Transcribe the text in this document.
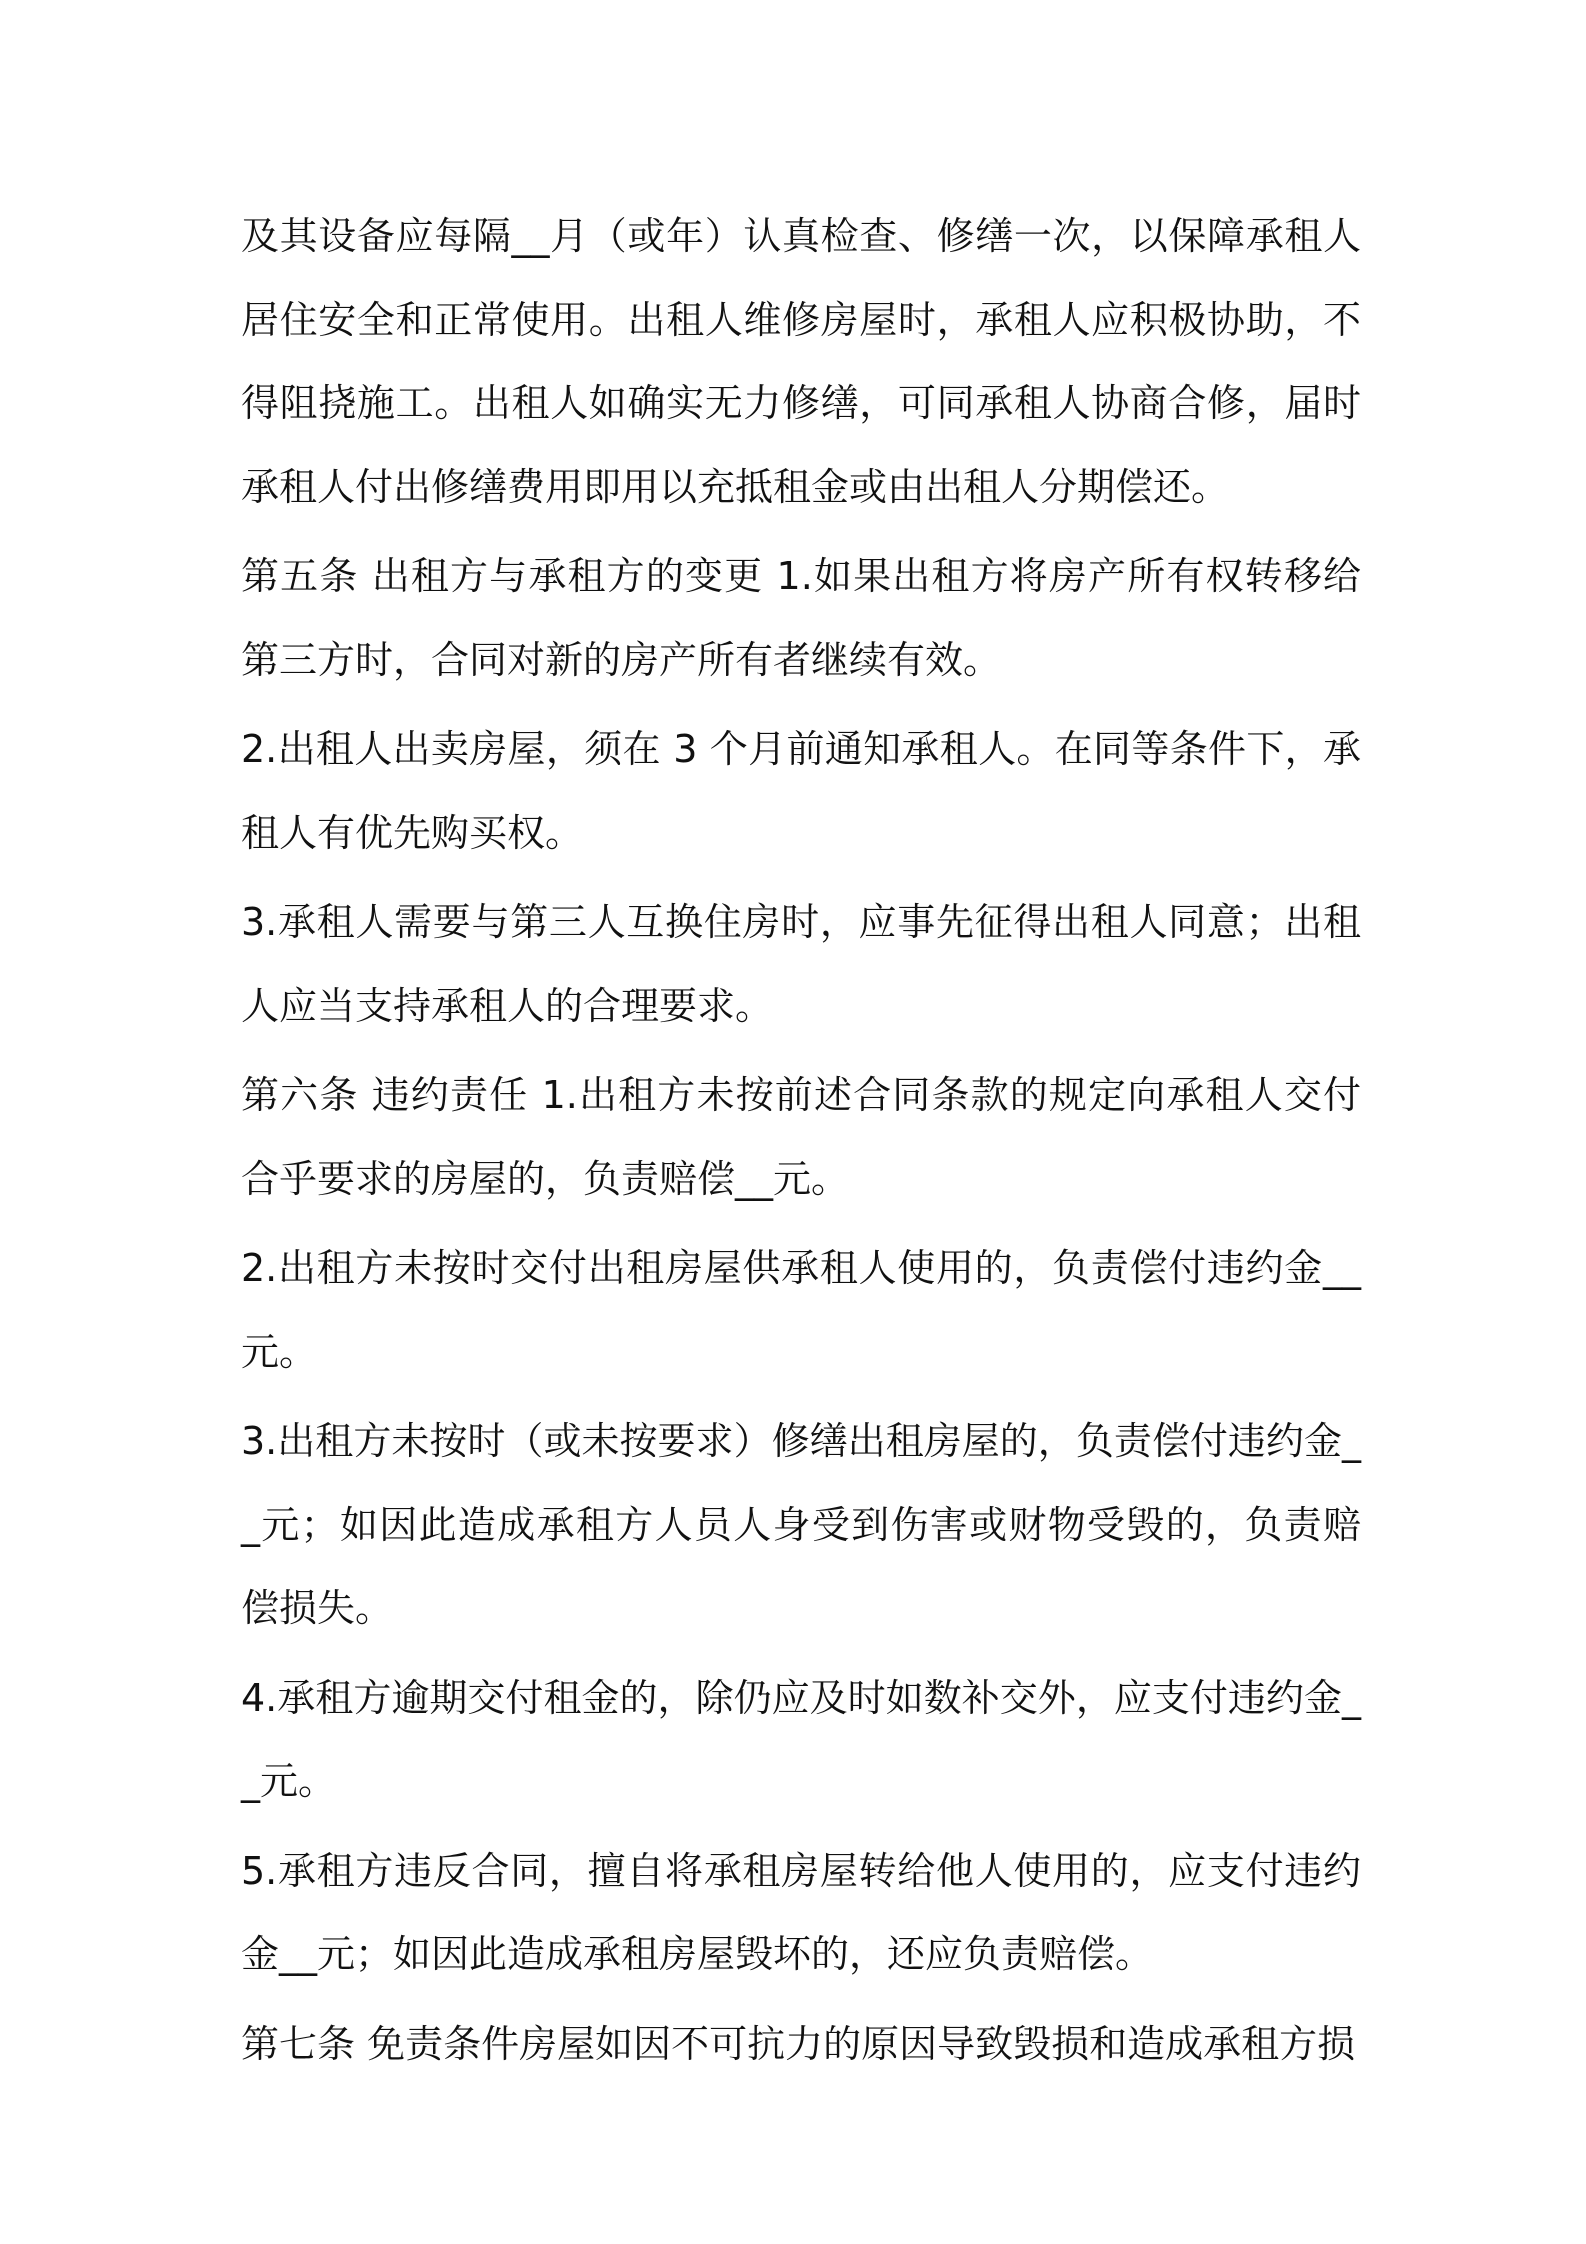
及其设备应每隔__月（或年）认真检查、修缮一次，以保障承租人居住安全和正常使用。出租人维修房屋时，承租人应积极协助，不得阻挠施工。出租人如确实无力修缮，可同承租人协商合修，届时承租人付出修缮费用即用以充抵租金或由出租人分期偿还。

第五条 出租方与承租方的变更 1.如果出租方将房产所有权转移给第三方时，合同对新的房产所有者继续有效。

2.出租人出卖房屋，须在 3 个月前通知承租人。在同等条件下，承租人有优先购买权。

3.承租人需要与第三人互换住房时，应事先征得出租人同意；出租人应当支持承租人的合理要求。

第六条 违约责任 1.出租方未按前述合同条款的规定向承租人交付合乎要求的房屋的，负责赔偿__元。

2.出租方未按时交付出租房屋供承租人使用的，负责偿付违约金__元。

3.出租方未按时（或未按要求）修缮出租房屋的，负责偿付违约金__元；如因此造成承租方人员人身受到伤害或财物受毁的，负责赔偿损失。

4.承租方逾期交付租金的，除仍应及时如数补交外，应支付违约金__元。

5.承租方违反合同，擅自将承租房屋转给他人使用的，应支付违约金__元；如因此造成承租房屋毁坏的，还应负责赔偿。

第七条 免责条件房屋如因不可抗力的原因导致毁损和造成承租方损
